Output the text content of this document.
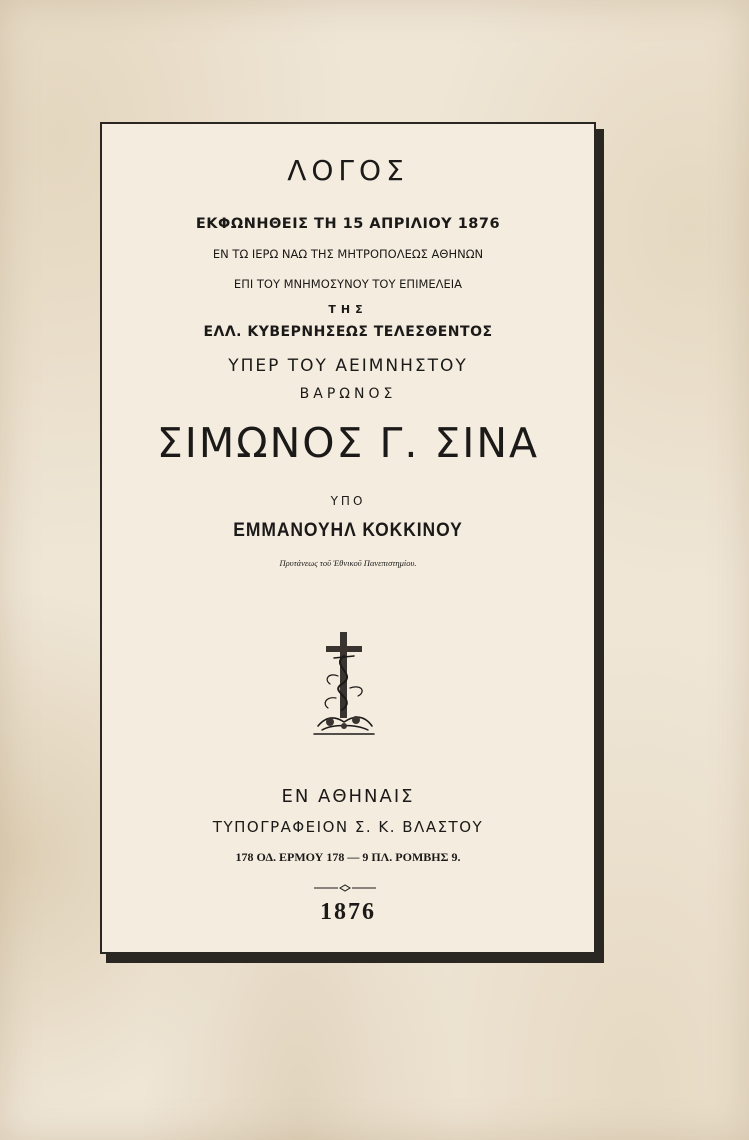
ΛΟΓΟΣ
ΕΚΦΩΝΗΘΕΙΣ ΤΗ 15 ΑΠΡΙΛΙΟΥ 1876
ΕΝ ΤΩ ΙΕΡΩ ΝΑΩ ΤΗΣ ΜΗΤΡΟΠΟΛΕΩΣ ΑΘΗΝΩΝ
ΕΠΙ ΤΟΥ ΜΝΗΜΟΣΥΝΟΥ ΤΟΥ ΕΠΙΜΕΛΕΙΑ
ΤΗΣ
ΕΛΛ. ΚΥΒΕΡΝΗΣΕΩΣ ΤΕΛΕΣΘΕΝΤΟΣ
ΥΠΕΡ ΤΟΥ ΑΕΙΜΝΗΣΤΟΥ
ΒΑΡΩΝΟΣ
ΣΙΜΩΝΟΣ Γ. ΣΙΝΑ
ΥΠΟ
ΕΜΜΑΝΟΥΗΛ ΚΟΚΚΙΝΟΥ
Πρυτάνεως τοῦ Ἐθνικοῦ Πανεπιστημίου.
ΕΝ ΑΘΗΝΑΙΣ
ΤΥΠΟΓΡΑΦΕΙΟΝ Σ. Κ. ΒΛΑΣΤΟΥ
178 ΟΔ. ΕΡΜΟΥ 178 — 9 ΠΛ. ΡΟΜΒΗΣ 9.
1876
